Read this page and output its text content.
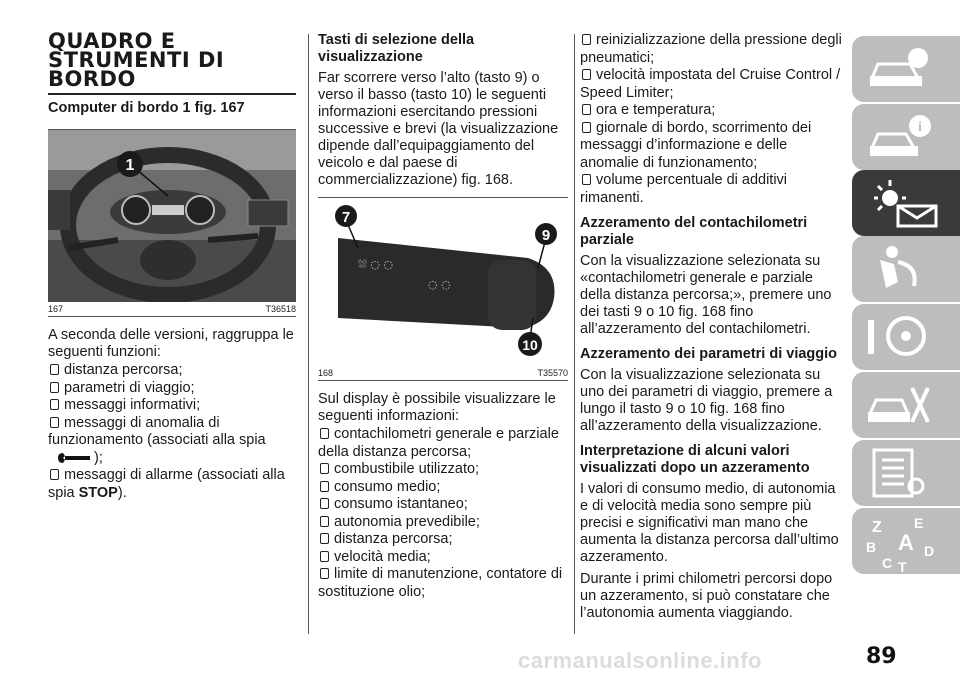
QUADRO E
STRUMENTI DI
BORDO
Computer di bordo 1 fig. 167
1
167	T36518

A seconda delle versioni, raggruppa le seguenti funzioni:

distanza percorsa;

parametri di viaggio;

messaggi informativi;

messaggi di anomalia di funzionamento (associati alla spia );

messaggi di allarme (associati alla spia STOP).

Tasti di selezione della visualizzazione

Far scorrere verso l’alto (tasto 9) o verso il basso (tasto 10) le seguenti informazioni esercitando pressioni successive e brevi (la visualizzazione dipende dall’equipaggiamento del veicolo e dal paese di commercializzazione) fig. 168.

⛆ ◌ ◌
◌ ◌
7
9
10
168	T35570

Sul display è possibile visualizzare le seguenti informazioni:

contachilometri generale e parziale della distanza percorsa;

combustibile utilizzato;

consumo medio;

consumo istantaneo;

autonomia prevedibile;

distanza percorsa;

velocità media;

limite di manutenzione, contatore di sostituzione olio;

reinizializzazione della pressione degli pneumatici;

velocità impostata del Cruise Control / Speed Limiter;

ora e temperatura;

giornale di bordo, scorrimento dei messaggi d’informazione e delle anomalie di funzionamento;

volume percentuale di additivi rimanenti.

Azzeramento del contachilometri parziale

Con la visualizzazione selezionata su «contachilometri generale e parziale della distanza percorsa;», premere uno dei tasti 9 o 10 fig. 168 fino all’azzeramento del contachilometri.

Azzeramento dei parametri di viaggio

Con la visualizzazione selezionata su uno dei parametri di viaggio, premere a lungo il tasto 9 o 10 fig. 168 fino all’azzeramento della visualizzazione.

Interpretazione di alcuni valori visualizzati dopo un azzeramento

I valori di consumo medio, di autonomia e di velocità media sono sempre più precisi e significativi man mano che aumenta la distanza percorsa dall’ultimo azzeramento.

Durante i primi chilometri percorsi dopo un azzeramento, si può constatare che l’autonomia aumenta viaggiando.

i
Z E
B A D
C T
89
carmanualsonline.info
